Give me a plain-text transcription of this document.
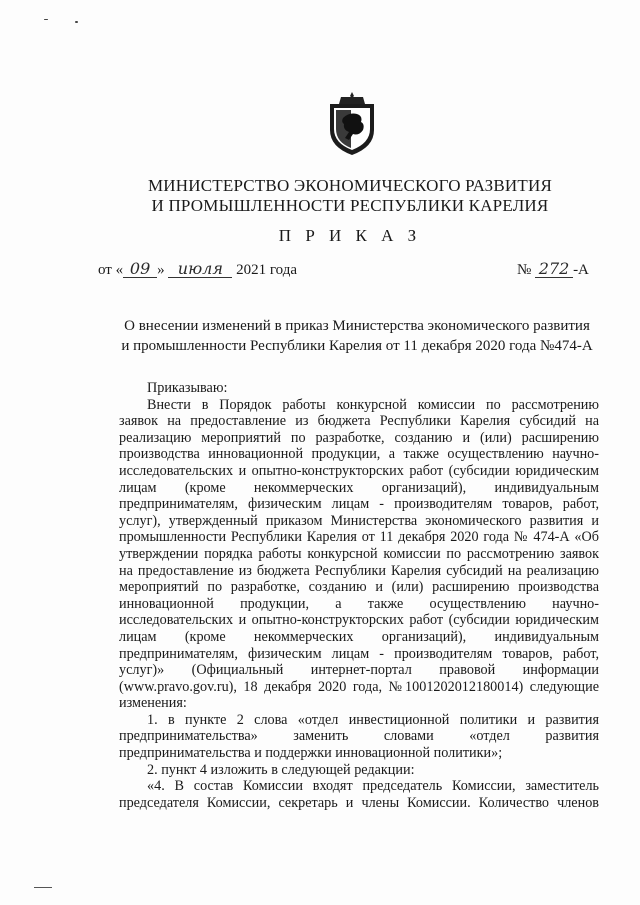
МИНИСТЕРСТВО ЭКОНОМИЧЕСКОГО РАЗВИТИЯ
И ПРОМЫШЛЕННОСТИ РЕСПУБЛИКИ КАРЕЛИЯ
П Р И К А З
от « 09 » июля 2021 года	№ 272 -А
О внесении изменений в приказ Министерства экономического развития
и промышленности Республики Карелия от 11 декабря 2020 года №474-А
Приказываю:
Внести в Порядок работы конкурсной комиссии по рассмотрению
заявок на предоставление из бюджета Республики Карелия субсидий на
реализацию мероприятий по разработке, созданию и (или) расширению
производства инновационной продукции, а также осуществлению научно-
исследовательских и опытно-конструкторских работ (субсидии юридическим
лицам (кроме некоммерческих организаций), индивидуальным
предпринимателям, физическим лицам - производителям товаров, работ,
услуг), утвержденный приказом Министерства экономического развития и
промышленности Республики Карелия от 11 декабря 2020 года № 474-А «Об
утверждении порядка работы конкурсной комиссии по рассмотрению заявок
на предоставление из бюджета Республики Карелия субсидий на реализацию
мероприятий по разработке, созданию и (или) расширению производства
инновационной продукции, а также осуществлению научно-
исследовательских и опытно-конструкторских работ (субсидии юридическим
лицам (кроме некоммерческих организаций), индивидуальным
предпринимателям, физическим лицам - производителям товаров, работ,
услуг)» (Официальный интернет-портал правовой информации
(www.pravo.gov.ru), 18 декабря 2020 года, №1001202012180014) следующие
изменения:
1. в пункте 2 слова «отдел инвестиционной политики и развития
предпринимательства» заменить словами «отдел развития
предпринимательства и поддержки инновационной политики»;
2. пункт 4 изложить в следующей редакции:
«4. В состав Комиссии входят председатель Комиссии, заместитель
председателя Комиссии, секретарь и члены Комиссии. Количество членов
